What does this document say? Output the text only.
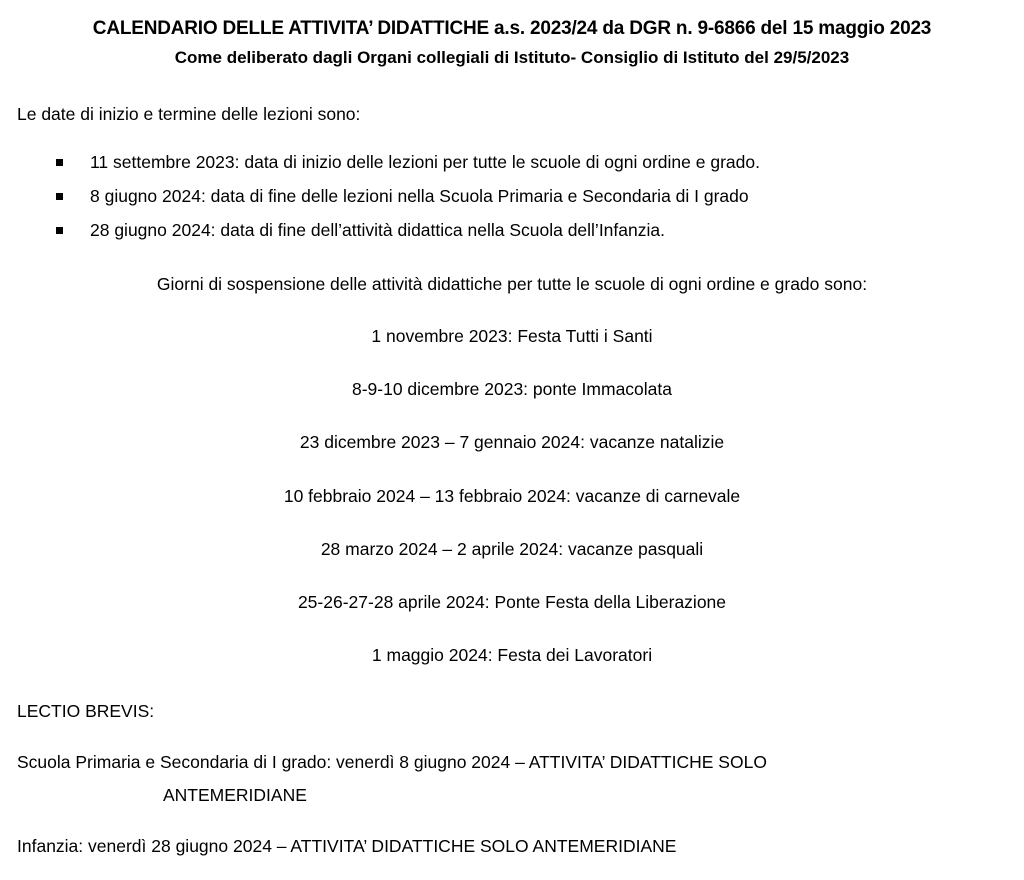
CALENDARIO DELLE ATTIVITA’ DIDATTICHE a.s. 2023/24 da DGR n. 9-6866 del 15 maggio 2023
Come deliberato dagli Organi collegiali di Istituto- Consiglio di Istituto del 29/5/2023
Le date di inizio e termine delle lezioni sono:
11 settembre 2023: data di inizio delle lezioni per tutte le scuole di ogni ordine e grado.
8 giugno 2024: data di fine delle lezioni nella Scuola Primaria e Secondaria di I grado
28 giugno 2024: data di fine dell’attività didattica nella Scuola dell’Infanzia.
Giorni di sospensione delle attività didattiche per tutte le scuole di ogni ordine e grado sono:
1 novembre 2023: Festa Tutti i Santi
8-9-10 dicembre 2023: ponte Immacolata
23 dicembre 2023 – 7 gennaio 2024: vacanze natalizie
10 febbraio 2024 – 13 febbraio 2024: vacanze di carnevale
28 marzo 2024 – 2 aprile 2024: vacanze pasquali
25-26-27-28 aprile 2024: Ponte Festa della Liberazione
1 maggio 2024: Festa dei Lavoratori
LECTIO BREVIS:
Scuola Primaria e Secondaria di I grado: venerdì 8 giugno 2024 – ATTIVITA’ DIDATTICHE SOLO
ANTEMERIDIANE
Infanzia: venerdì 28 giugno 2024 – ATTIVITA’ DIDATTICHE SOLO ANTEMERIDIANE
